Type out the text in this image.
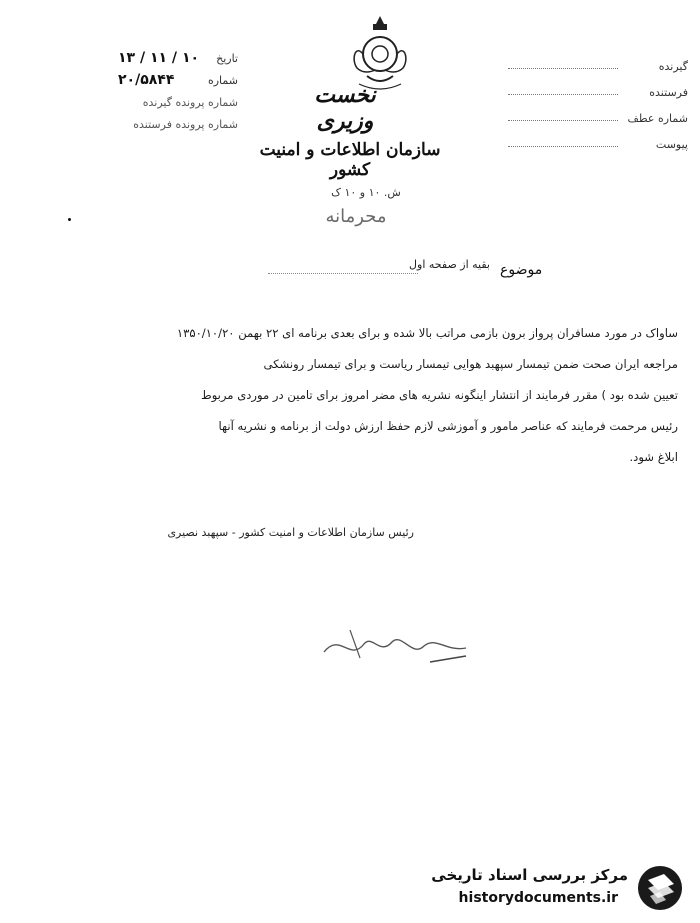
تاریخ
۱۰ / ۱۱ / ۱۳
شماره
۲۰/۵۸۴۴
شماره پرونده گیرنده
شماره پرونده فرستنده
گیرنده
فرستنده
شماره عطف
پیوست
نخست وزیری
سازمان اطلاعات و امنیت کشور
ش. ۱۰ و ۱۰ ک
محرمانه
موضوع
بقیه از صفحه اول
ساواک در مورد مسافران پرواز برون بازمی مراتب بالا شده و برای بعدی برنامه ای ۲۲ بهمن ۱۳۵۰/۱۰/۲۰
مراجعه ایران صحت ضمن تیمسار سپهبد هوایی تیمسار ریاست و برای تیمسار رونشکی
تعیین شده بود ) مقرر فرمایند از انتشار اینگونه نشریه های مضر امروز برای تامین در موردی مربوط
رئیس مرحمت فرمایند که عناصر مامور و آموزشی لازم حفظ ارزش دولت از برنامه و نشریه آنها
ابلاغ شود.
رئیس سازمان اطلاعات و امنیت کشور - سپهبد نصیری
مرکز بررسی اسناد تاریخی
historydocuments.ir
